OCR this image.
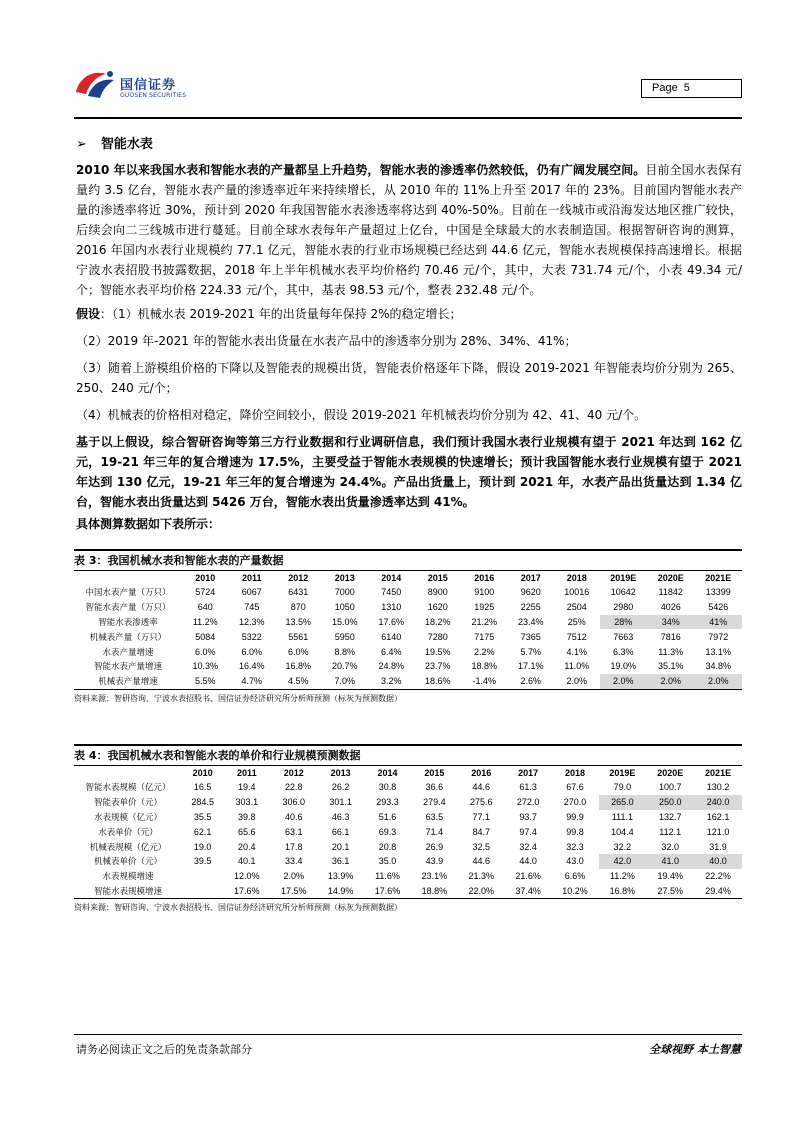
国信证券
GUOSEN SECURITIES
Page 5
➢ 智能水表

2010 年以来我国水表和智能水表的产量都呈上升趋势，智能水表的渗透率仍然较低，仍有广阔发展空间。目前全国水表保有量约 3.5 亿台，智能水表产量的渗透率近年来持续增长，从 2010 年的 11%上升至 2017 年的 23%。目前国内智能水表产量的渗透率将近 30%，预计到 2020 年我国智能水表渗透率将达到 40%-50%。目前在一线城市或沿海发达地区推广较快，后续会向二三线城市进行蔓延。目前全球水表每年产量超过上亿台，中国是全球最大的水表制造国。根据智研咨询的测算，2016 年国内水表行业规模约 77.1 亿元，智能水表的行业市场规模已经达到 44.6 亿元，智能水表规模保持高速增长。根据宁波水表招股书披露数据，2018 年上半年机械水表平均价格约 70.46 元/个，其中，大表 731.74 元/个，小表 49.34 元/个；智能水表平均价格 224.33 元/个，其中，基表 98.53 元/个，整表 232.48 元/个。

假设：（1）机械水表 2019-2021 年的出货量每年保持 2%的稳定增长；

（2）2019 年-2021 年的智能水表出货量在水表产品中的渗透率分别为 28%、34%、41%；

（3）随着上游模组价格的下降以及智能表的规模出货，智能表价格逐年下降，假设 2019-2021 年智能表均价分别为 265、250、240 元/个；

（4）机械表的价格相对稳定，降价空间较小，假设 2019-2021 年机械表均价分别为 42、41、40 元/个。

基于以上假设，综合智研咨询等第三方行业数据和行业调研信息，我们预计我国水表行业规模有望于 2021 年达到 162 亿元，19-21 年三年的复合增速为 17.5%，主要受益于智能水表规模的快速增长；预计我国智能水表行业规模有望于 2021 年达到 130 亿元，19-21 年三年的复合增速为 24.4%。产品出货量上，预计到 2021 年，水表产品出货量达到 1.34 亿台，智能水表出货量达到 5426 万台，智能水表出货量渗透率达到 41%。

具体测算数据如下表所示：
表 3：我国机械水表和智能水表的产量数据
	2010	2011	2012	2013	2014	2015	2016	2017	2018	2019E	2020E	2021E
中国水表产量（万只）	5724	6067	6431	7000	7450	8900	9100	9620	10016	10642	11842	13399
智能水表产量（万只）	640	745	870	1050	1310	1620	1925	2255	2504	2980	4026	5426
智能水表渗透率	11.2%	12.3%	13.5%	15.0%	17.6%	18.2%	21.2%	23.4%	25%	28%	34%	41%
机械表产量（万只）	5084	5322	5561	5950	6140	7280	7175	7365	7512	7663	7816	7972
水表产量增速	6.0%	6.0%	6.0%	8.8%	6.4%	19.5%	2.2%	5.7%	4.1%	6.3%	11.3%	13.1%
智能水表产量增速	10.3%	16.4%	16.8%	20.7%	24.8%	23.7%	18.8%	17.1%	11.0%	19.0%	35.1%	34.8%
机械表产量增速	5.5%	4.7%	4.5%	7.0%	3.2%	18.6%	-1.4%	2.6%	2.0%	2.0%	2.0%	2.0%
资料来源：智研咨询、宁波水表招股书、国信证券经济研究所分析师预测（标灰为预测数据）
表 4：我国机械水表和智能水表的单价和行业规模预测数据
	2010	2011	2012	2013	2014	2015	2016	2017	2018	2019E	2020E	2021E
智能水表规模（亿元）	16.5	19.4	22.8	26.2	30.8	36.6	44.6	61.3	67.6	79.0	100.7	130.2
智能表单价（元）	284.5	303.1	306.0	301.1	293.3	279.4	275.6	272.0	270.0	265.0	250.0	240.0
水表规模（亿元）	35.5	39.8	40.6	46.3	51.6	63.5	77.1	93.7	99.9	111.1	132.7	162.1
水表单价（元）	62.1	65.6	63.1	66.1	69.3	71.4	84.7	97.4	99.8	104.4	112.1	121.0
机械表规模（亿元）	19.0	20.4	17.8	20.1	20.8	26.9	32.5	32.4	32.3	32.2	32.0	31.9
机械表单价（元）	39.5	40.1	33.4	36.1	35.0	43.9	44.6	44.0	43.0	42.0	41.0	40.0
水表规模增速		12.0%	2.0%	13.9%	11.6%	23.1%	21.3%	21.6%	6.6%	11.2%	19.4%	22.2%
智能水表规模增速		17.6%	17.5%	14.9%	17.6%	18.8%	22.0%	37.4%	10.2%	16.8%	27.5%	29.4%
资料来源：智研咨询、宁波水表招股书、国信证券经济研究所分析师预测（标灰为预测数据）
请务必阅读正文之后的免责条款部分	全球视野 本土智慧
